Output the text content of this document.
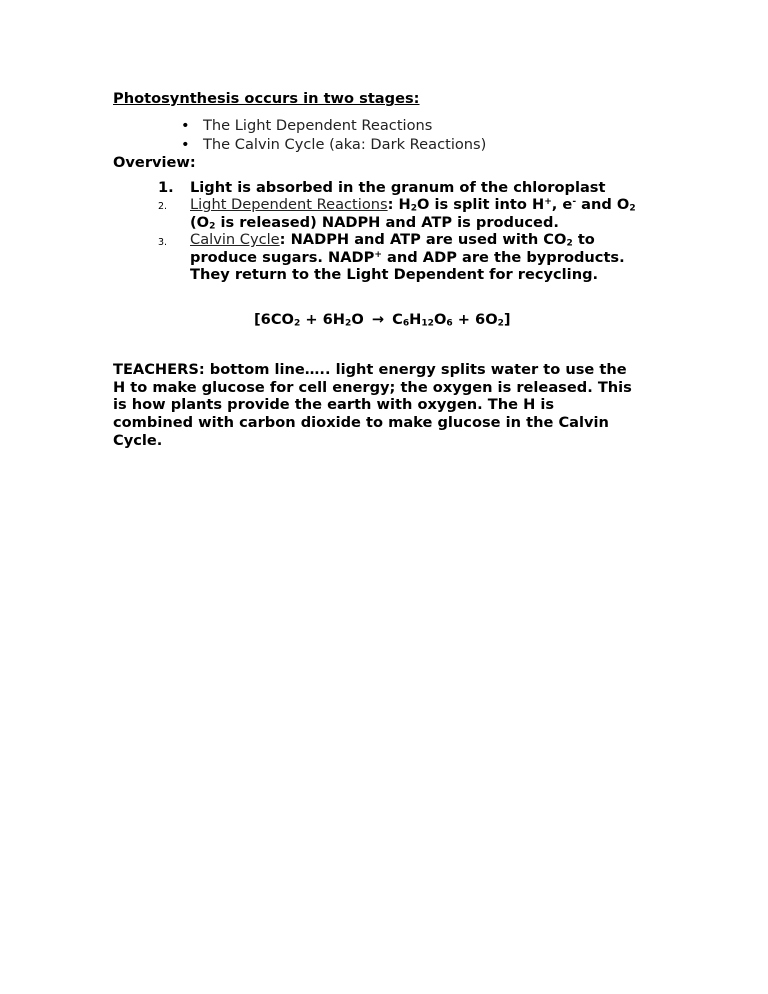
Photosynthesis occurs in two stages:
• The Light Dependent Reactions
• The Calvin Cycle (aka: Dark Reactions)
Overview:
1. Light is absorbed in the granum of the chloroplast
2. Light Dependent Reactions: $H_2O$ is split into H+, e- and $O_2$
($O_2$ is released) NADPH and ATP is produced.
3. Calvin Cycle: NADPH and ATP are used with $CO_2$ to
produce sugars. NADP+ and ADP are the byproducts.
They return to the Light Dependent for recycling.
$[6CO_2 + 6H_2O \to C_6H_{12}O_6 + 6O_2]$
TEACHERS: bottom line….. light energy splits water to use the
H to make glucose for cell energy; the oxygen is released. This
is how plants provide the earth with oxygen. The H is
combined with carbon dioxide to make glucose in the Calvin
Cycle.
